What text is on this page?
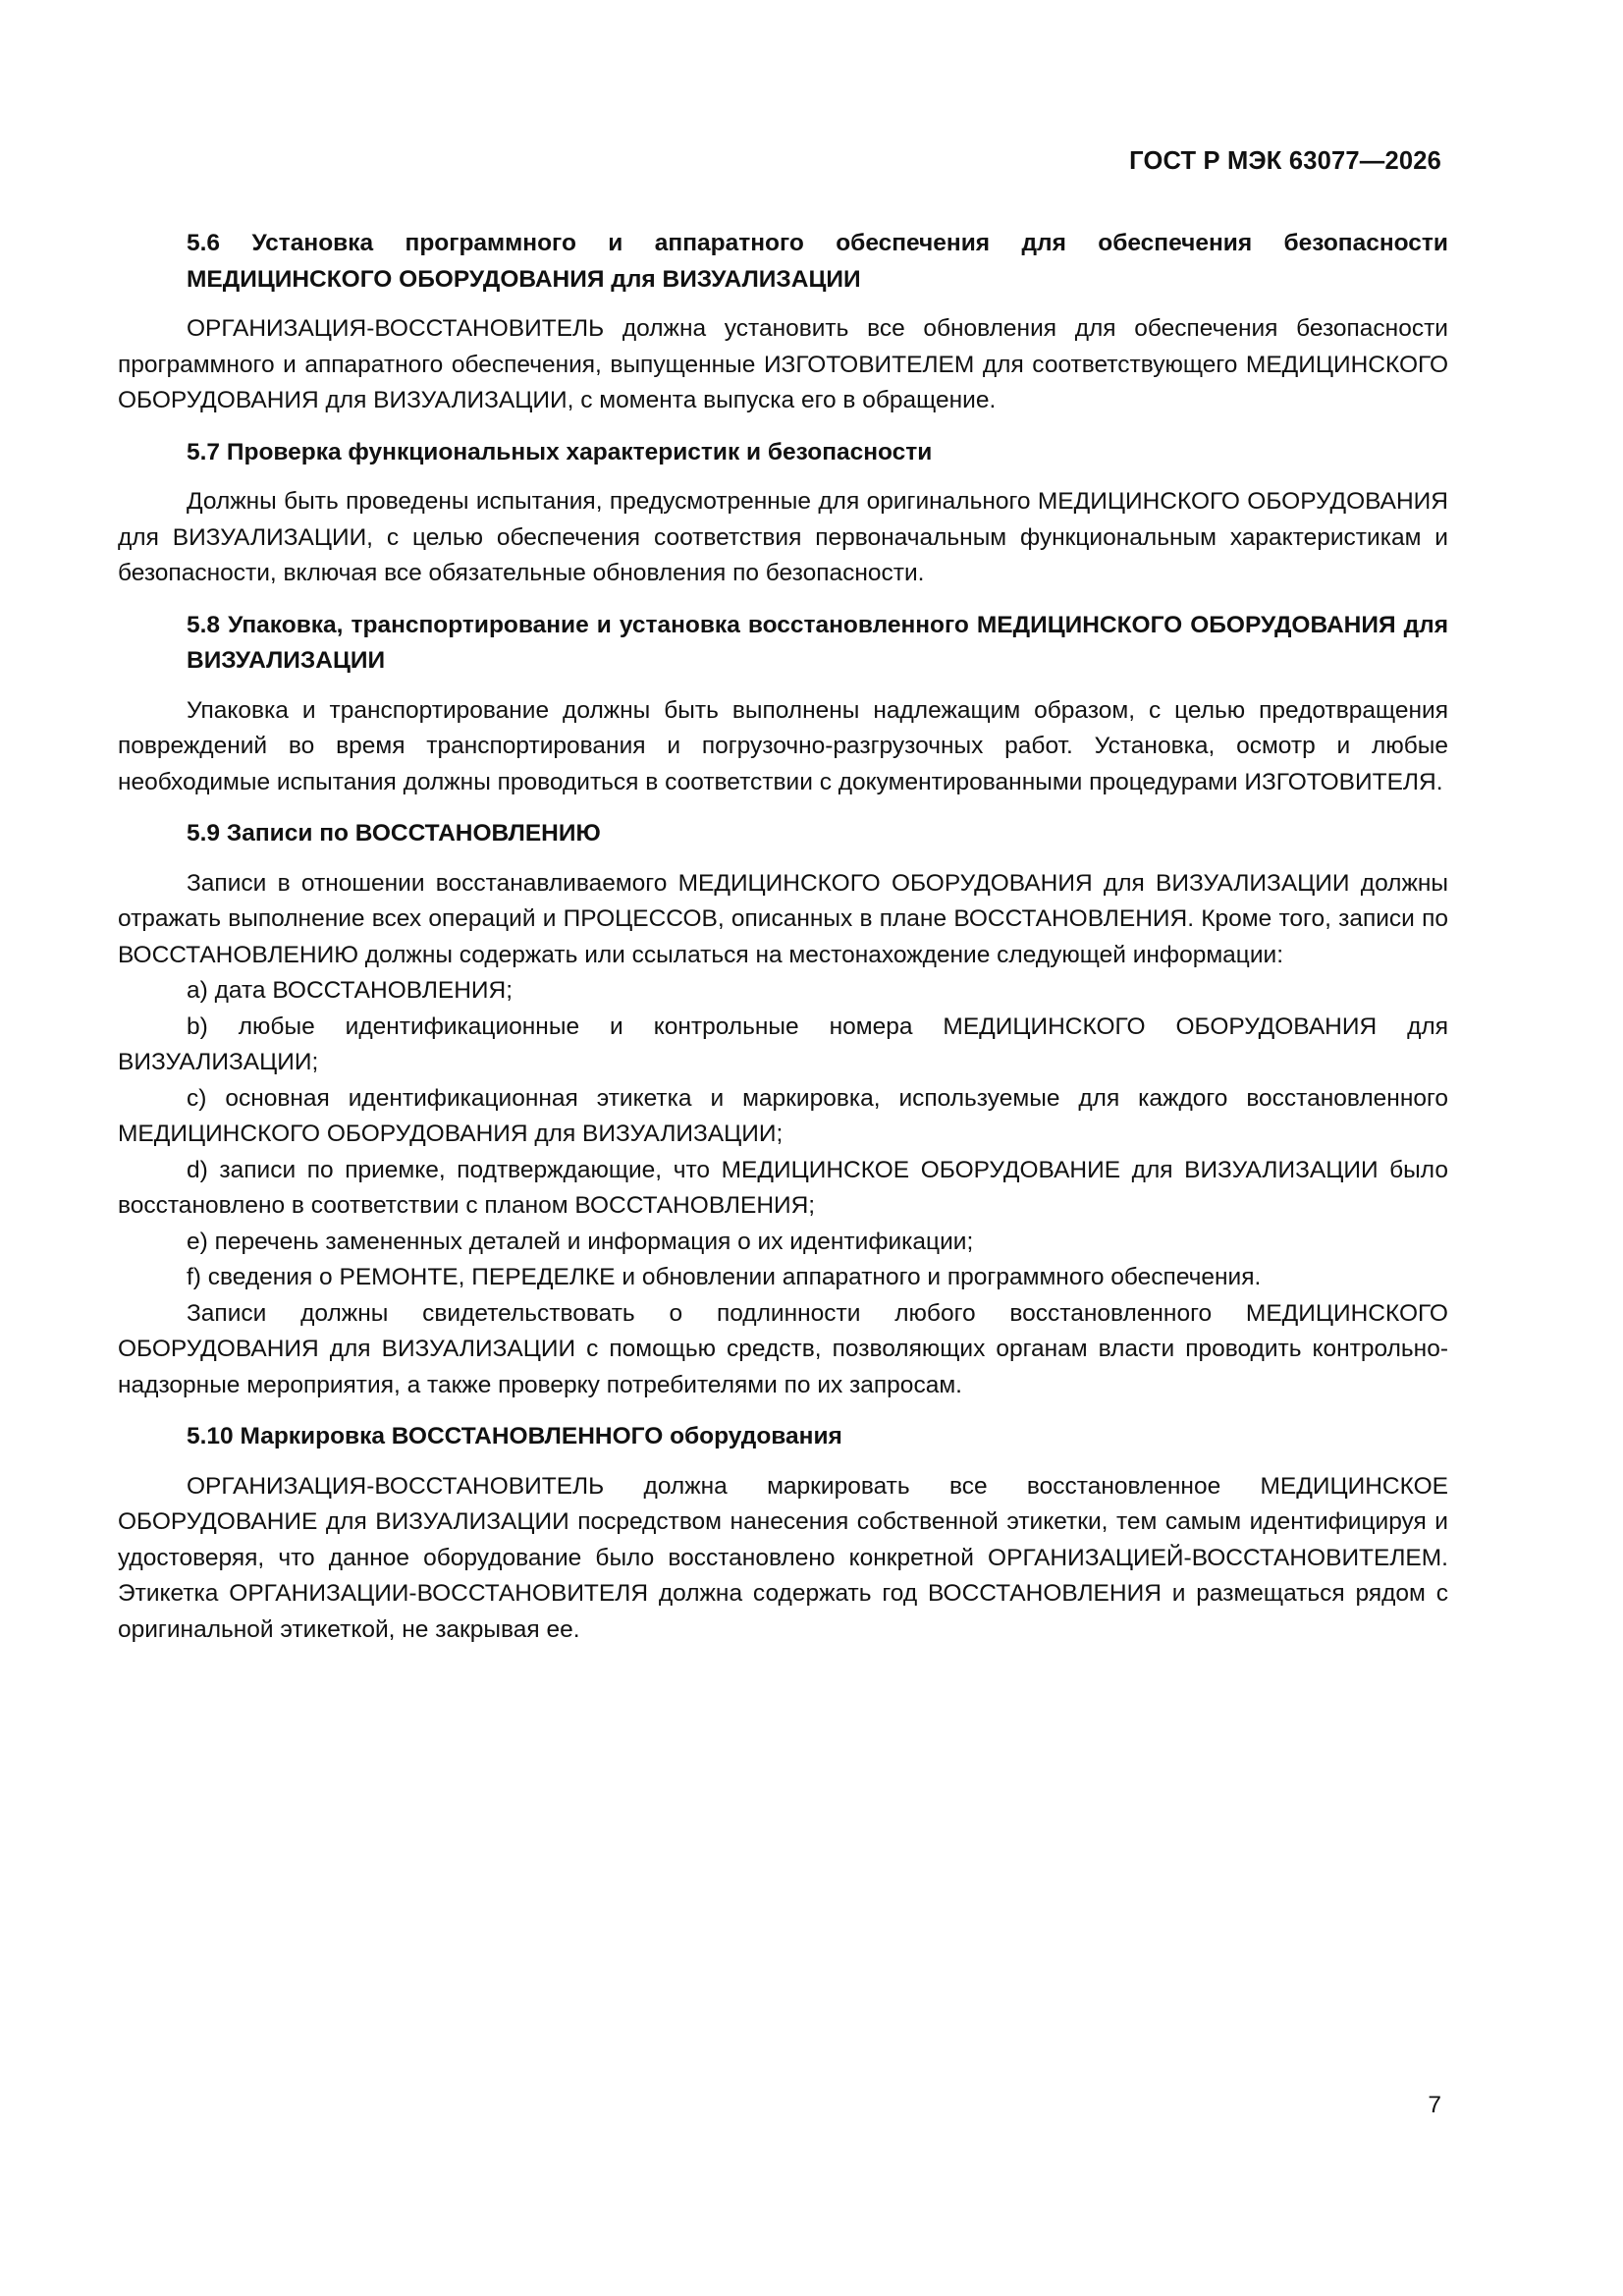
ГОСТ Р МЭК 63077—2026

5.6 Установка программного и аппаратного обеспечения для обеспечения безопасности МЕДИЦИНСКОГО ОБОРУДОВАНИЯ для ВИЗУАЛИЗАЦИИ

ОРГАНИЗАЦИЯ-ВОССТАНОВИТЕЛЬ должна установить все обновления для обеспечения безопасности программного и аппаратного обеспечения, выпущенные ИЗГОТОВИТЕЛЕМ для соответствующего МЕДИЦИНСКОГО ОБОРУДОВАНИЯ для ВИЗУАЛИЗАЦИИ, с момента выпуска его в обращение.

5.7 Проверка функциональных характеристик и безопасности

Должны быть проведены испытания, предусмотренные для оригинального МЕДИЦИНСКОГО ОБОРУДОВАНИЯ для ВИЗУАЛИЗАЦИИ, с целью обеспечения соответствия первоначальным функциональным характеристикам и безопасности, включая все обязательные обновления по безопасности.

5.8 Упаковка, транспортирование и установка восстановленного МЕДИЦИНСКОГО ОБОРУДОВАНИЯ для ВИЗУАЛИЗАЦИИ

Упаковка и транспортирование должны быть выполнены надлежащим образом, с целью предотвращения повреждений во время транспортирования и погрузочно-разгрузочных работ. Установка, осмотр и любые необходимые испытания должны проводиться в соответствии с документированными процедурами ИЗГОТОВИТЕЛЯ.

5.9 Записи по ВОССТАНОВЛЕНИЮ

Записи в отношении восстанавливаемого МЕДИЦИНСКОГО ОБОРУДОВАНИЯ для ВИЗУАЛИЗАЦИИ должны отражать выполнение всех операций и ПРОЦЕССОВ, описанных в плане ВОССТАНОВЛЕНИЯ. Кроме того, записи по ВОССТАНОВЛЕНИЮ должны содержать или ссылаться на местонахождение следующей информации:

a) дата ВОССТАНОВЛЕНИЯ;

b) любые идентификационные и контрольные номера МЕДИЦИНСКОГО ОБОРУДОВАНИЯ для ВИЗУАЛИЗАЦИИ;

c) основная идентификационная этикетка и маркировка, используемые для каждого восстановленного МЕДИЦИНСКОГО ОБОРУДОВАНИЯ для ВИЗУАЛИЗАЦИИ;

d) записи по приемке, подтверждающие, что МЕДИЦИНСКОЕ ОБОРУДОВАНИЕ для ВИЗУАЛИЗАЦИИ было восстановлено в соответствии с планом ВОССТАНОВЛЕНИЯ;

e) перечень замененных деталей и информация о их идентификации;

f) сведения о РЕМОНТЕ, ПЕРЕДЕЛКЕ и обновлении аппаратного и программного обеспечения.

Записи должны свидетельствовать о подлинности любого восстановленного МЕДИЦИНСКОГО ОБОРУДОВАНИЯ для ВИЗУАЛИЗАЦИИ с помощью средств, позволяющих органам власти проводить контрольно-надзорные мероприятия, а также проверку потребителями по их запросам.

5.10 Маркировка ВОССТАНОВЛЕННОГО оборудования

ОРГАНИЗАЦИЯ-ВОССТАНОВИТЕЛЬ должна маркировать все восстановленное МЕДИЦИНСКОЕ ОБОРУДОВАНИЕ для ВИЗУАЛИЗАЦИИ посредством нанесения собственной этикетки, тем самым идентифицируя и удостоверяя, что данное оборудование было восстановлено конкретной ОРГАНИЗАЦИЕЙ-ВОССТАНОВИТЕЛЕМ. Этикетка ОРГАНИЗАЦИИ-ВОССТАНОВИТЕЛЯ должна содержать год ВОССТАНОВЛЕНИЯ и размещаться рядом с оригинальной этикеткой, не закрывая ее.

7
